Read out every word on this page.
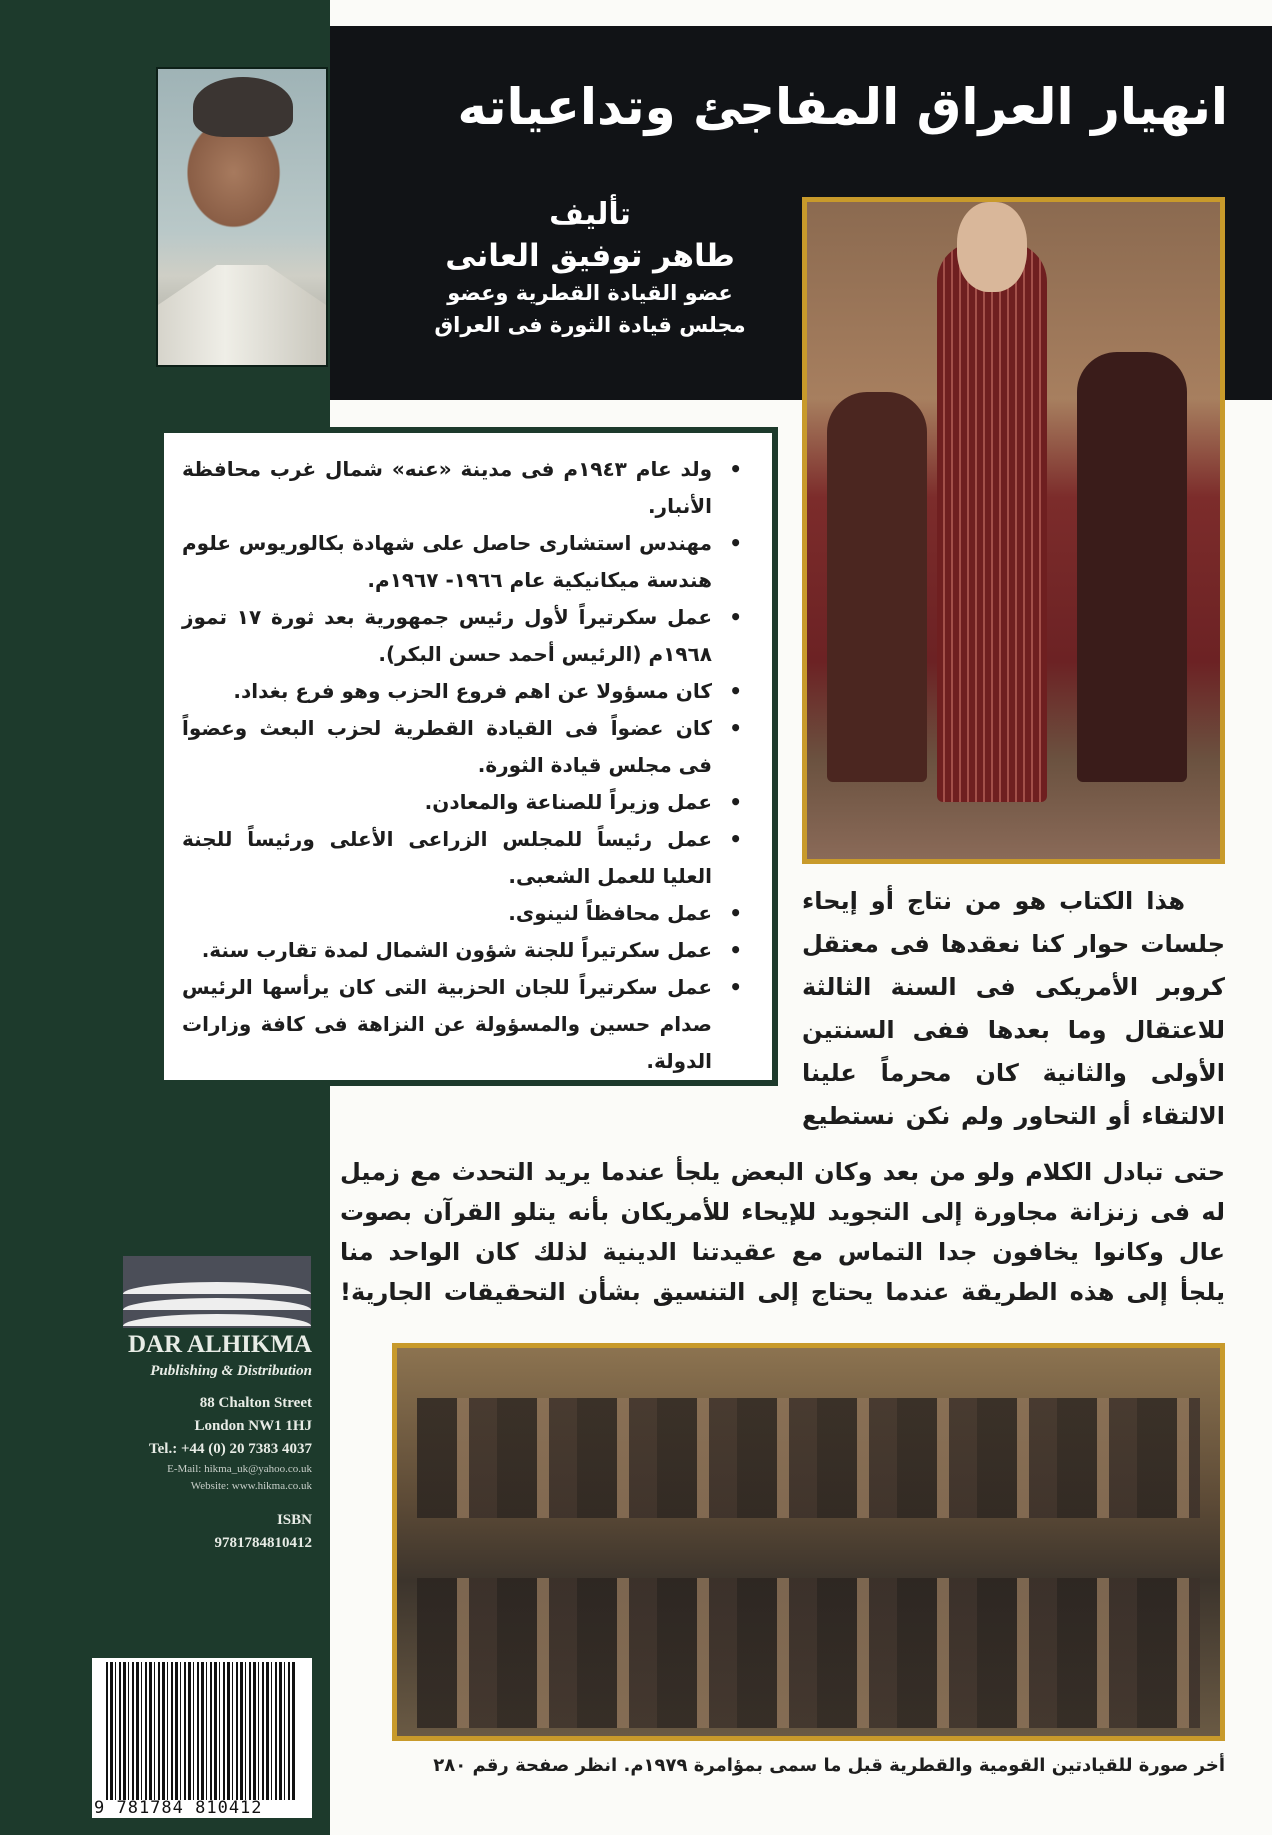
انهيار العراق المفاجئ وتداعياته
تأليف
طاهر توفيق العانى
عضو القيادة القطرية وعضو
مجلس قيادة الثورة فى العراق
• ولد عام ١٩٤٣م فى مدينة «عنه» شمال غرب محافظة الأنبار.
• مهندس استشارى حاصل على شهادة بكالوريوس علوم هندسة ميكانيكية عام ١٩٦٦- ١٩٦٧م.
• عمل سكرتيراً لأول رئيس جمهورية بعد ثورة ١٧ تموز ١٩٦٨م (الرئيس أحمد حسن البكر).
• كان مسؤولا عن اهم فروع الحزب وهو فرع بغداد.
• كان عضواً فى القيادة القطرية لحزب البعث وعضواً فى مجلس قيادة الثورة.
• عمل وزيراً للصناعة والمعادن.
• عمل رئيساً للمجلس الزراعى الأعلى ورئيساً للجنة العليا للعمل الشعبى.
• عمل محافظاً لنينوى.
• عمل سكرتيراً للجنة شؤون الشمال لمدة تقارب سنة.
• عمل سكرتيراً للجان الحزبية التى كان يرأسها الرئيس صدام حسين والمسؤولة عن النزاهة فى كافة وزارات الدولة.
هذا الكتاب هو من نتاج أو إيحاء
جلسات حوار كنا نعقدها فى معتقل
كروبر الأمريكى فى السنة الثالثة
للاعتقال وما بعدها ففى السنتين
الأولى والثانية كان محرماً علينا
الالتقاء أو التحاور ولم نكن نستطيع
حتى تبادل الكلام ولو من بعد وكان البعض يلجأ عندما يريد التحدث مع زميل
له فى زنزانة مجاورة إلى التجويد للإيحاء للأمريكان بأنه يتلو القرآن بصوت
عال وكانوا يخافون جدا التماس مع عقيدتنا الدينية لذلك كان الواحد منا
يلجأ إلى هذه الطريقة عندما يحتاج إلى التنسيق بشأن التحقيقات الجارية!
أخر صورة للقيادتين القومية والقطرية قبل ما سمى بمؤامرة ١٩٧٩م. انظر صفحة رقم ٢٨٠
DAR ALHIKMA
Publishing & Distribution
88 Chalton Street
London NW1 1HJ
Tel.: +44 (0) 20 7383 4037
E-Mail: hikma_uk@yahoo.co.uk
Website: www.hikma.co.uk
ISBN
9781784810412
9 781784 810412
